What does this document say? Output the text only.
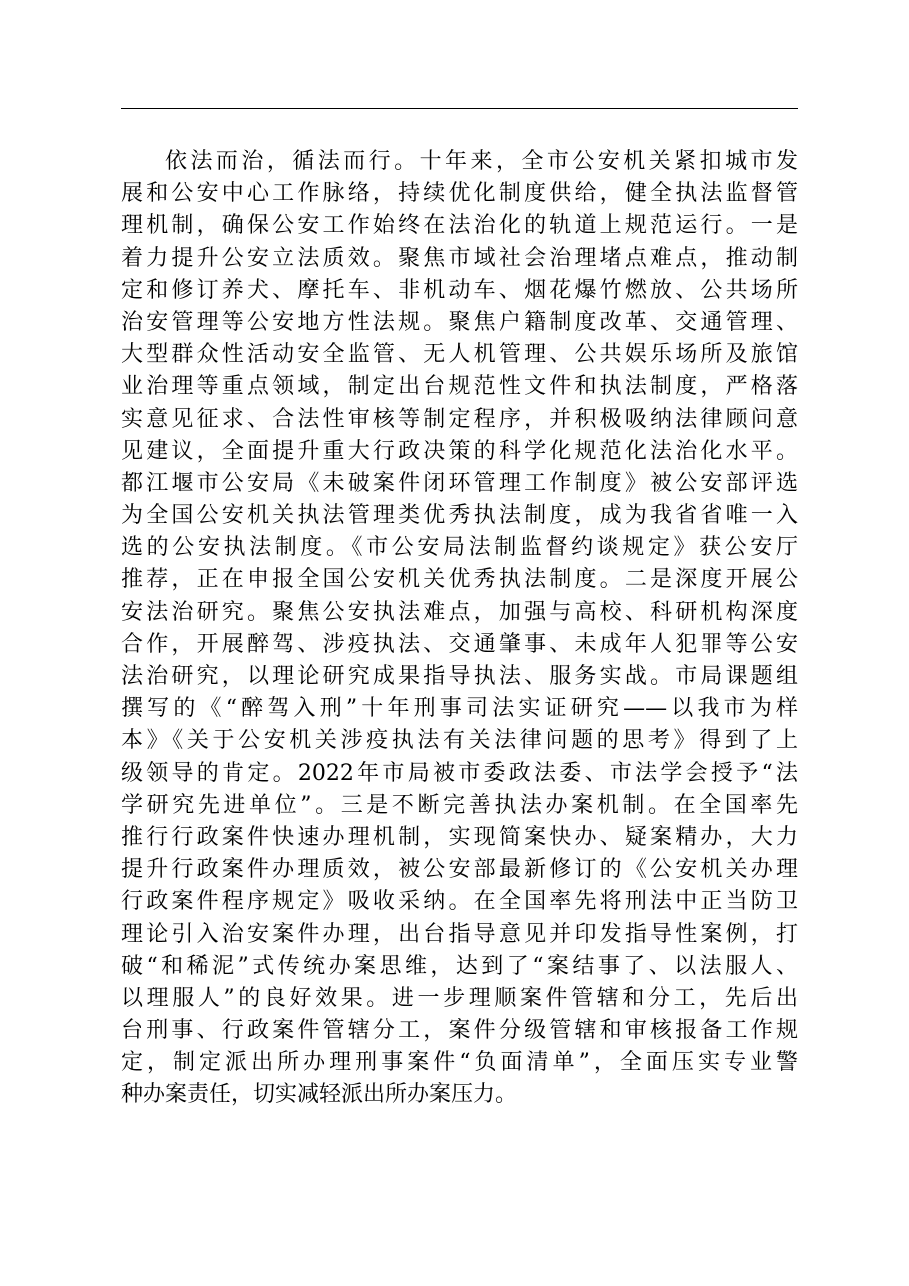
依法而治，循法而行。十年来，全市公安机关紧扣城市发
展和公安中心工作脉络，持续优化制度供给，健全执法监督管
理机制，确保公安工作始终在法治化的轨道上规范运行。一是
着力提升公安立法质效。聚焦市域社会治理堵点难点，推动制
定和修订养犬、摩托车、非机动车、烟花爆竹燃放、公共场所
治安管理等公安地方性法规。聚焦户籍制度改革、交通管理、
大型群众性活动安全监管、无人机管理、公共娱乐场所及旅馆
业治理等重点领域，制定出台规范性文件和执法制度，严格落
实意见征求、合法性审核等制定程序，并积极吸纳法律顾问意
见建议，全面提升重大行政决策的科学化规范化法治化水平。
都江堰市公安局《未破案件闭环管理工作制度》被公安部评选
为全国公安机关执法管理类优秀执法制度，成为我省省唯一入
选的公安执法制度。《市公安局法制监督约谈规定》获公安厅
推荐，正在申报全国公安机关优秀执法制度。二是深度开展公
安法治研究。聚焦公安执法难点，加强与高校、科研机构深度
合作，开展醉驾、涉疫执法、交通肇事、未成年人犯罪等公安
法治研究，以理论研究成果指导执法、服务实战。市局课题组
撰写的《“醉驾入刑”十年刑事司法实证研究——以我市为样
本》《关于公安机关涉疫执法有关法律问题的思考》得到了上
级领导的肯定。2022年市局被市委政法委、市法学会授予“法
学研究先进单位”。三是不断完善执法办案机制。在全国率先
推行行政案件快速办理机制，实现简案快办、疑案精办，大力
提升行政案件办理质效，被公安部最新修订的《公安机关办理
行政案件程序规定》吸收采纳。在全国率先将刑法中正当防卫
理论引入治安案件办理，出台指导意见并印发指导性案例，打
破“和稀泥”式传统办案思维，达到了“案结事了、以法服人、
以理服人”的良好效果。进一步理顺案件管辖和分工，先后出
台刑事、行政案件管辖分工，案件分级管辖和审核报备工作规
定，制定派出所办理刑事案件“负面清单”，全面压实专业警
种办案责任，切实减轻派出所办案压力。
